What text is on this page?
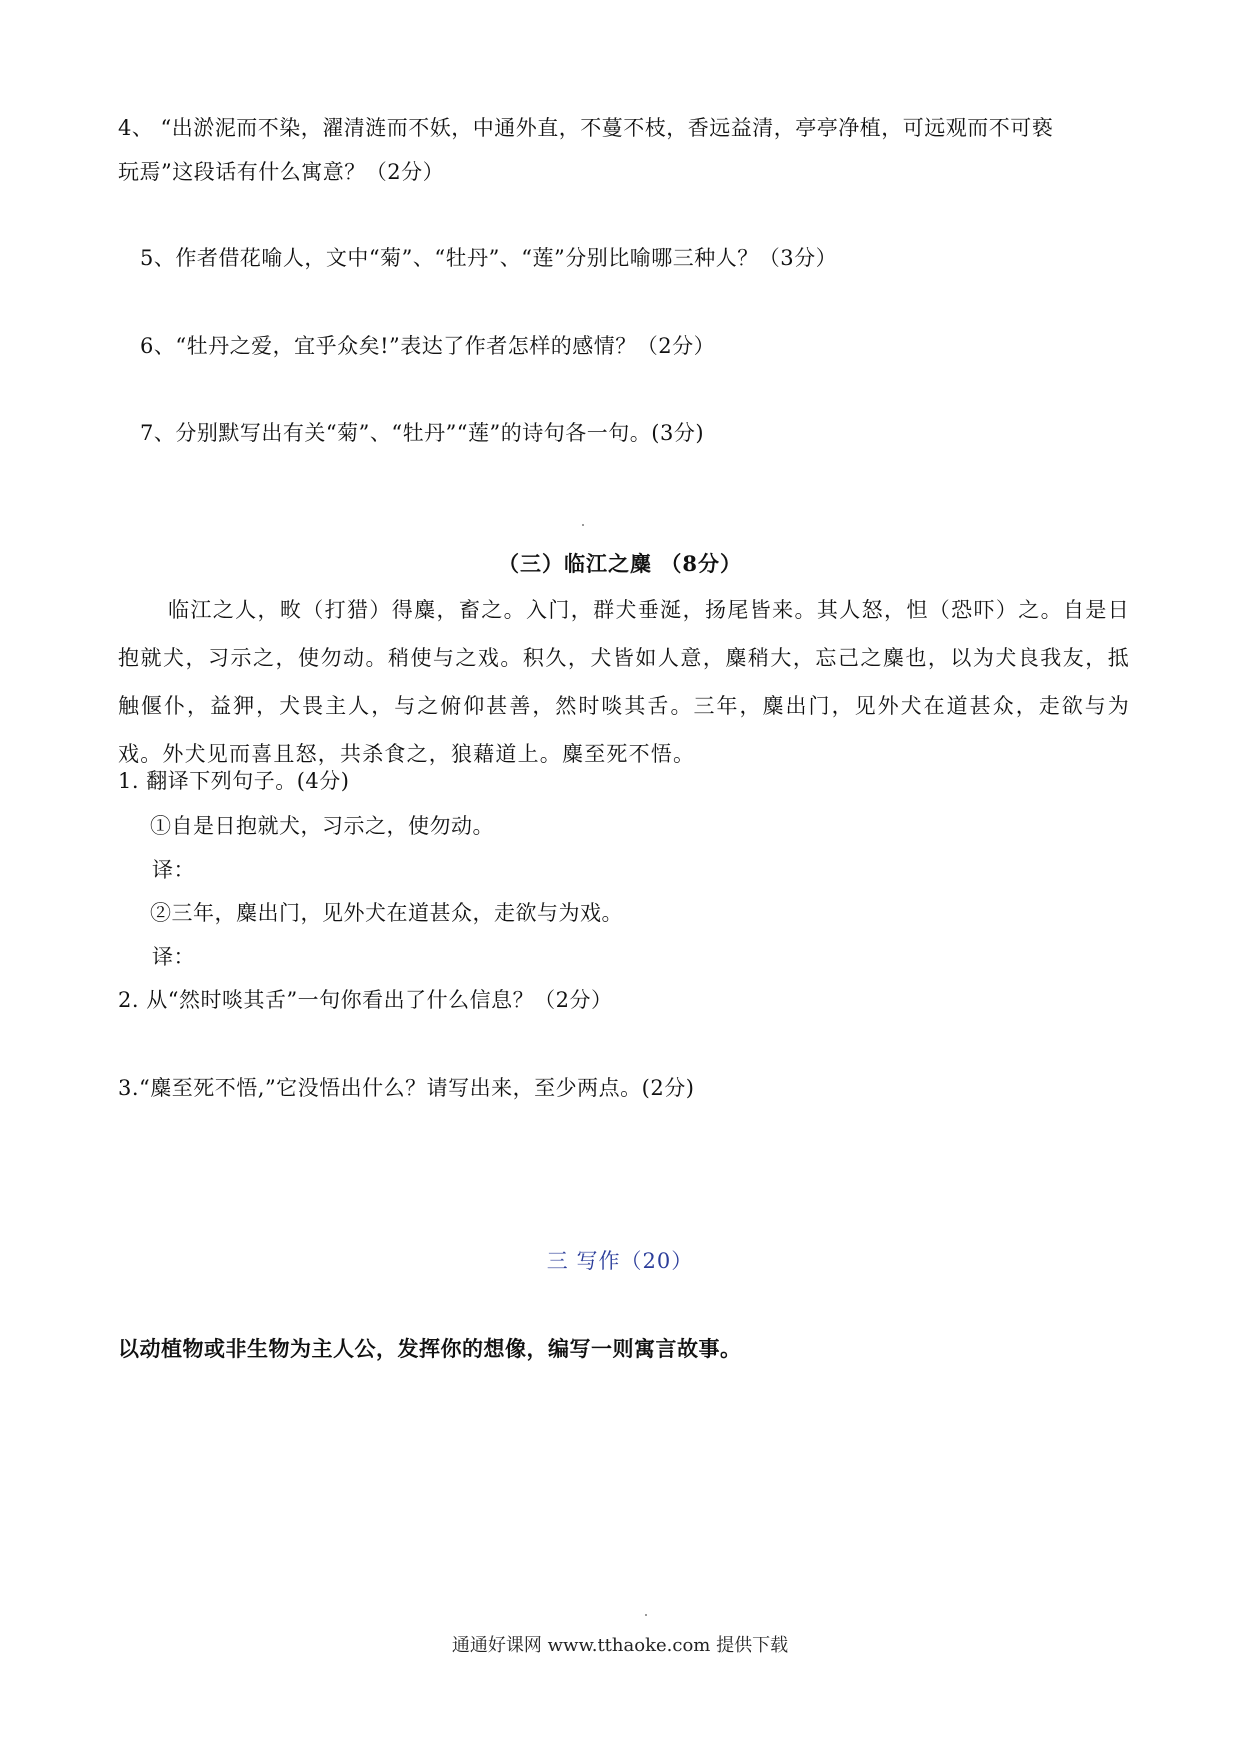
4、 “出淤泥而不染，濯清涟而不妖，中通外直，不蔓不枝，香远益清，亭亭净植，可远观而不可亵
玩焉”这段话有什么寓意？（2分）
5、作者借花喻人，文中“菊”、“牡丹”、“莲”分别比喻哪三种人？（3分）
6、“牡丹之爱，宜乎众矣!”表达了作者怎样的感情？（2分）
7、分别默写出有关“菊”、“牡丹”“莲”的诗句各一句。(3分)
（三）临江之麋 （8分）
临江之人，畋（打猎）得麋，畜之。入门，群犬垂涎，扬尾皆来。其人怒，怛（恐吓）之。自是日抱就犬，习示之，使勿动。稍使与之戏。积久，犬皆如人意，麋稍大，忘己之麋也，以为犬良我友，抵触偃仆，益狎，犬畏主人，与之俯仰甚善，然时啖其舌。三年，麋出门，见外犬在道甚众，走欲与为戏。外犬见而喜且怒，共杀食之，狼藉道上。麋至死不悟。
1. 翻译下列句子。(4分)
①自是日抱就犬，习示之，使勿动。
译：
②三年，麋出门，见外犬在道甚众，走欲与为戏。
译：
2. 从“然时啖其舌”一句你看出了什么信息？（2分）
3.“麋至死不悟,”它没悟出什么？请写出来，至少两点。(2分)
三 写作（20）
以动植物或非生物为主人公，发挥你的想像，编写一则寓言故事。
通通好课网 www.tthaoke.com 提供下载
